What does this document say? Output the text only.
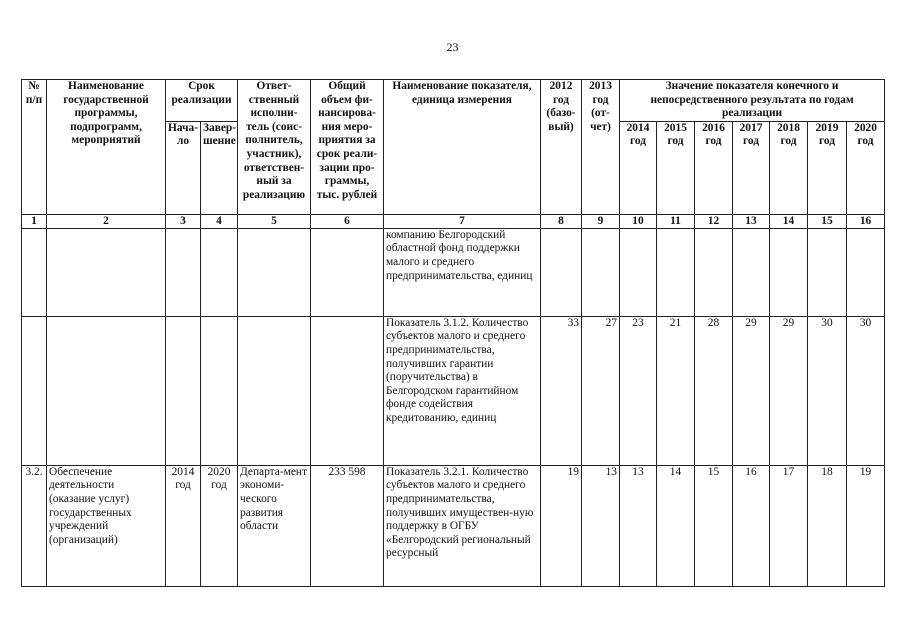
23
№ п/п	Наименование государственной программы, подпрограмм, мероприятий	Срок реализации		Ответ-ственный исполни-тель (соис-полнитель, участник), ответствен-ный за реализацию	Общий объем фи-нансирова-ния меро-приятия за срок реали-зации про-граммы, тыс. рублей	Наименование показателя, единица измерения	2012 год (базо-вый)	2013 год (от-чет)	Значение показателя конечного и непосредственного результата по годам реализации						
		Нача-ло	Завер-шение						2014 год	2015 год	2016 год	2017 год	2018 год	2019 год	2020 год
1	2	3	4	5	6	7	8	9	10	11	12	13	14	15	16
						компанию Белгородский областной фонд поддержки малого и среднего предпринимательства, единиц									
						Показатель 3.1.2. Количество субъектов малого и среднего предпринимательства, получивших гарантии (поручительства) в Белгородском гарантийном фонде содействия кредитованию, единиц	33	27	23	21	28	29	29	30	30
3.2.	Обеспечение деятельности (оказание услуг) государственных учреждений (организаций)	2014 год	2020 год	Департа-мент экономи-ческого развития области	233 598	Показатель 3.2.1. Количество субъектов малого и среднего предпринимательства, получивших имуществен-ную поддержку в ОГБУ «Белгородский региональный ресурсный	19	13	13	14	15	16	17	18	19
